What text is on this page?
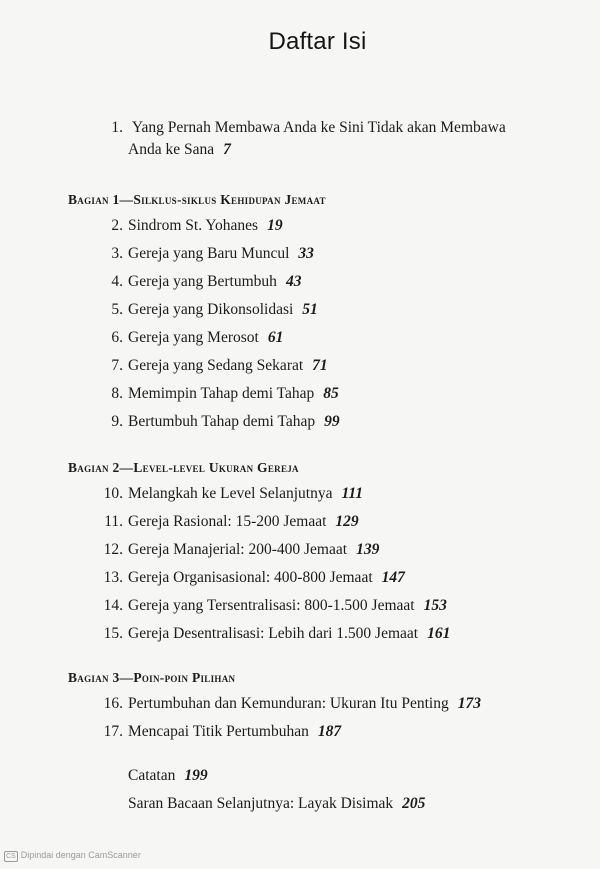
Daftar Isi
1. Yang Pernah Membawa Anda ke Sini Tidak akan Membawa
Anda ke Sana 7
Bagian 1—Silklus-siklus Kehidupan Jemaat
2. Sindrom St. Yohanes 19
3. Gereja yang Baru Muncul 33
4. Gereja yang Bertumbuh 43
5. Gereja yang Dikonsolidasi 51
6. Gereja yang Merosot 61
7. Gereja yang Sedang Sekarat 71
8. Memimpin Tahap demi Tahap 85
9. Bertumbuh Tahap demi Tahap 99
Bagian 2—Level-level Ukuran Gereja
10. Melangkah ke Level Selanjutnya 111
11. Gereja Rasional: 15-200 Jemaat 129
12. Gereja Manajerial: 200-400 Jemaat 139
13. Gereja Organisasional: 400-800 Jemaat 147
14. Gereja yang Tersentralisasi: 800-1.500 Jemaat 153
15. Gereja Desentralisasi: Lebih dari 1.500 Jemaat 161
Bagian 3—Poin-poin Pilihan
16. Pertumbuhan dan Kemunduran: Ukuran Itu Penting 173
17. Mencapai Titik Pertumbuhan 187
Catatan 199
Saran Bacaan Selanjutnya: Layak Disimak 205
CS Dipindai dengan CamScanner
